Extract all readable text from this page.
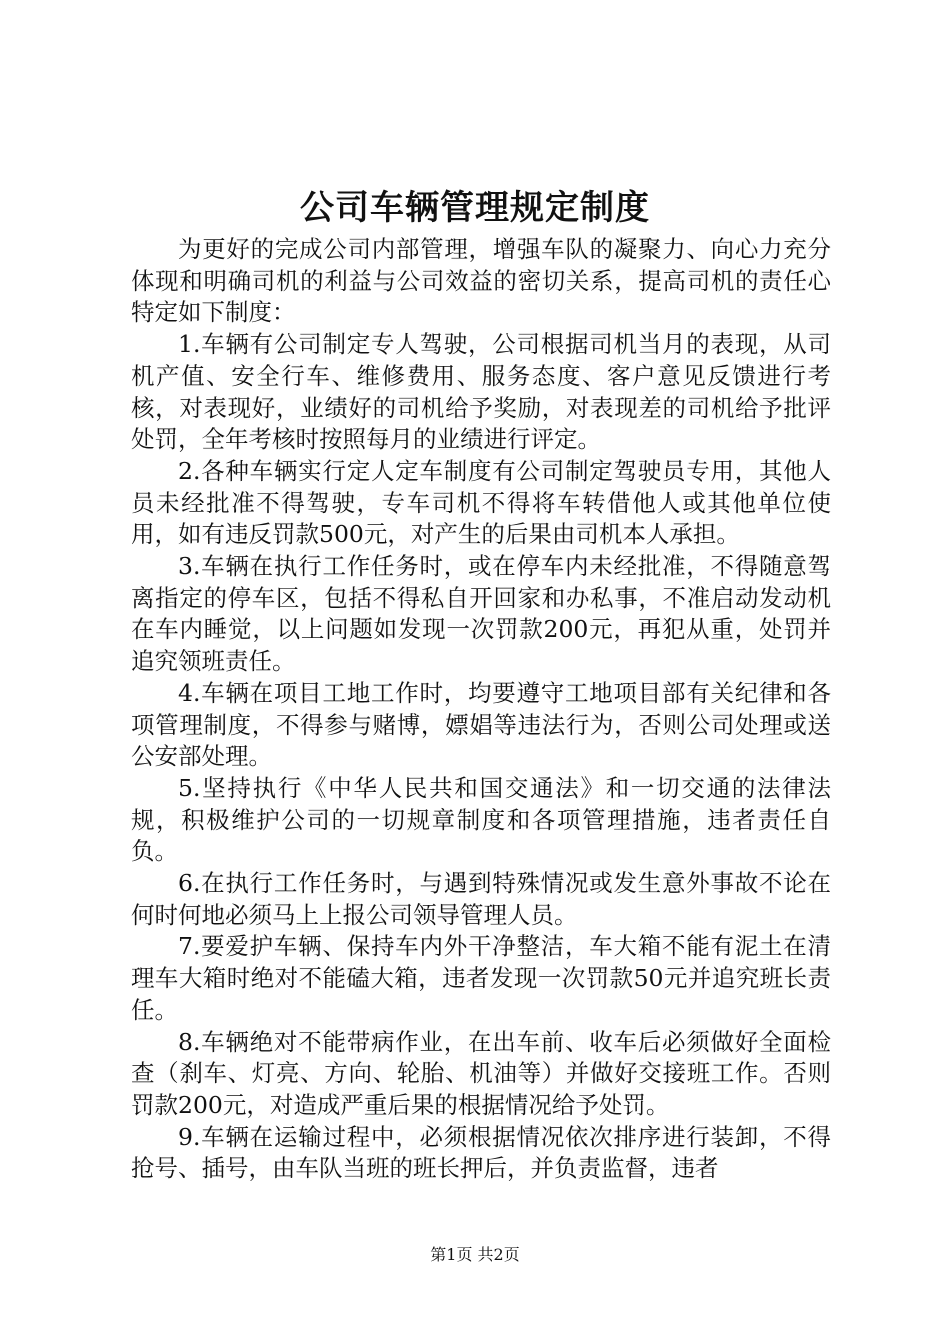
公司车辆管理规定制度

为更好的完成公司内部管理，增强车队的凝聚力、向心力充分体现和明确司机的利益与公司效益的密切关系，提高司机的责任心特定如下制度：

1.车辆有公司制定专人驾驶，公司根据司机当月的表现，从司机产值、安全行车、维修费用、服务态度、客户意见反馈进行考核，对表现好，业绩好的司机给予奖励，对表现差的司机给予批评处罚，全年考核时按照每月的业绩进行评定。

2.各种车辆实行定人定车制度有公司制定驾驶员专用，其他人员未经批准不得驾驶，专车司机不得将车转借他人或其他单位使用，如有违反罚款500元，对产生的后果由司机本人承担。

3.车辆在执行工作任务时，或在停车内未经批准，不得随意驾离指定的停车区，包括不得私自开回家和办私事，不准启动发动机在车内睡觉，以上问题如发现一次罚款200元，再犯从重，处罚并追究领班责任。

4.车辆在项目工地工作时，均要遵守工地项目部有关纪律和各项管理制度，不得参与赌博，嫖娼等违法行为，否则公司处理或送公安部处理。

5.坚持执行《中华人民共和国交通法》和一切交通的法律法规，积极维护公司的一切规章制度和各项管理措施，违者责任自负。

6.在执行工作任务时，与遇到特殊情况或发生意外事故不论在何时何地必须马上上报公司领导管理人员。

7.要爱护车辆、保持车内外干净整洁，车大箱不能有泥土在清理车大箱时绝对不能磕大箱，违者发现一次罚款50元并追究班长责任。

8.车辆绝对不能带病作业，在出车前、收车后必须做好全面检查（刹车、灯亮、方向、轮胎、机油等）并做好交接班工作。否则罚款200元，对造成严重后果的根据情况给予处罚。

9.车辆在运输过程中，必须根据情况依次排序进行装卸，不得抢号、插号，由车队当班的班长押后，并负责监督，违者

第1页 共2页
